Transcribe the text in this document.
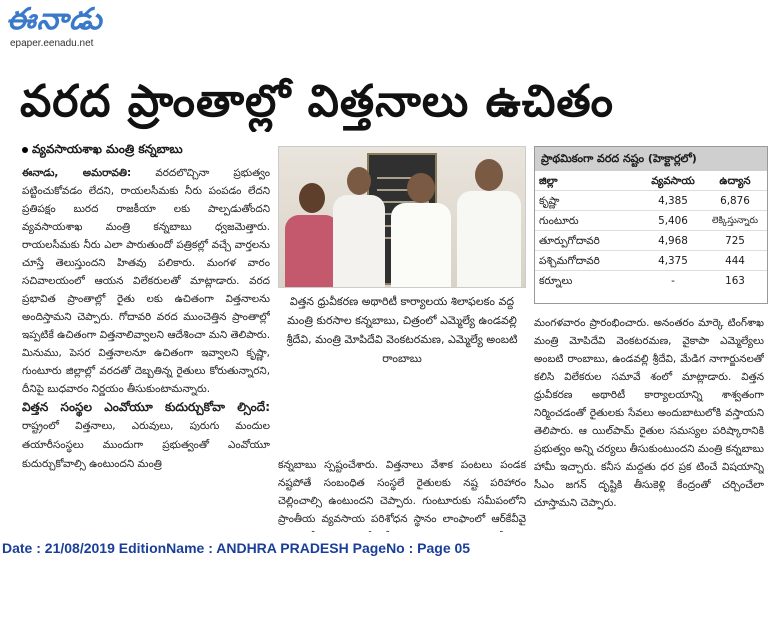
ఈనాడు
epaper.eenadu.net
వరద ప్రాంతాల్లో విత్తనాలు ఉచితం
వ్యవసాయశాఖ మంత్రి కన్నబాబు

ఈనాడు, అమరావతి: వరదలొచ్చినా ప్రభుత్వం పట్టించుకోవడం లేదని, రాయలసీమకు నీరు పంపడం లేదని ప్రతిపక్షం బురద రాజకీయా లకు పాల్పడుతోందని వ్యవసాయశాఖ మంత్రి కన్నబాబు ధ్వజమెత్తారు. రాయలసీమకు నీరు ఎలా పారుతుందో పత్రికల్లో వచ్చే వార్తలను చూస్తే తెలుస్తుందని హితవు పలికారు. మంగళ వారం సచివాలయంలో ఆయన విలేకరులతో మాట్లాడారు. వరద ప్రభావిత ప్రాంతాల్లో రైతు లకు ఉచితంగా విత్తనాలను అందిస్తామని చెప్పారు. గోదావరి వరద ముంచెత్తిన ప్రాంతాల్లో ఇప్పటికే ఉచితంగా విత్తనాలివ్వాలని ఆదేశించా మని తెలిపారు. మినుము, పెసర విత్తనాలనూ ఉచితంగా ఇవ్వాలని కృష్ణా, గుంటూరు జిల్లాల్లో వరదతో దెబ్బతిన్న రైతులు కోరుతున్నారని, దీనిపై బుధవారం నిర్ణయం తీసుకుంటామన్నారు.

విత్తన సంస్థల ఎంవోయూ కుదుర్చుకోవా ల్సిందే: రాష్ట్రంలో విత్తనాలు, ఎరువులు, పురుగు మందుల తయారీసంస్థలు ముందుగా ప్రభుత్వంతో ఎంవోయూ కుదుర్చుకోవాల్సి ఉంటుందని మంత్రి

విత్తన ధ్రువీకరణ అథారిటీ కార్యాలయ శిలాఫలకం వద్ద మంత్రి కురసాల కన్నబాబు, చిత్రంలో ఎమ్మెల్యే ఉండవల్లి శ్రీదేవి, మంత్రి మోపిదేవి వెంకటరమణ, ఎమ్మెల్యే అంబటి రాంబాబు
కన్నబాబు స్పష్టంచేశారు. విత్తనాలు వేశాక పంటలు పండక నష్టపోతే సంబంధిత సంస్థలే రైతులకు నష్ట పరిహారం చెల్లించాల్సి ఉంటుందని చెప్పారు. గుంటూరుకు సమీపంలోని ప్రాంతీయ వ్యవసాయ పరిశోధన స్థానం లాంఫాంలో ఆర్‌కేవీవై
ప్రాథమికంగా వరద నష్టం (హెక్టార్లలో)
జిల్లా	వ్యవసాయ	ఉద్యాన
కృష్ణా	4,385	6,876
గుంటూరు	5,406	లెక్కిస్తున్నారు
తూర్పుగోదావరి	4,968	725
పశ్చిమగోదావరి	4,375	444
కర్నూలు	-	163
మంగళవారం ప్రారంభించారు. అనంతరం మార్కె టింగ్‌శాఖ మంత్రి మోపిదేవి వెంకటరమణ, వైకాపా ఎమ్మెల్యేలు అంబటి రాంబాబు, ఉండవల్లి శ్రీదేవి, మేడిగ నాగార్జునలతో కలిసి విలేకరుల సమావే శంలో మాట్లాడారు. విత్తన ధ్రువీకరణ అథారిటీ కార్యాలయాన్ని శాశ్వతంగా నిర్మించడంతో రైతులకు సేవలు అందుబాటులోకి వస్తాయని తెలిపారు. ఆ యిల్‌పామ్ రైతుల సమస్యల పరిష్కారానికి ప్రభుత్వం అన్ని చర్యలు తీసుకుంటుందని మంత్రి కన్నబాబు హామీ ఇచ్చారు. కనీస మద్దతు ధర ప్రక టించే విషయాన్ని సీఎం జగన్ దృష్టికి తీసుకెళ్లి కేంద్రంతో చర్చించేలా చూస్తామని చెప్పారు.
Date : 21/08/2019 EditionName : ANDHRA PRADESH PageNo : Page 05
